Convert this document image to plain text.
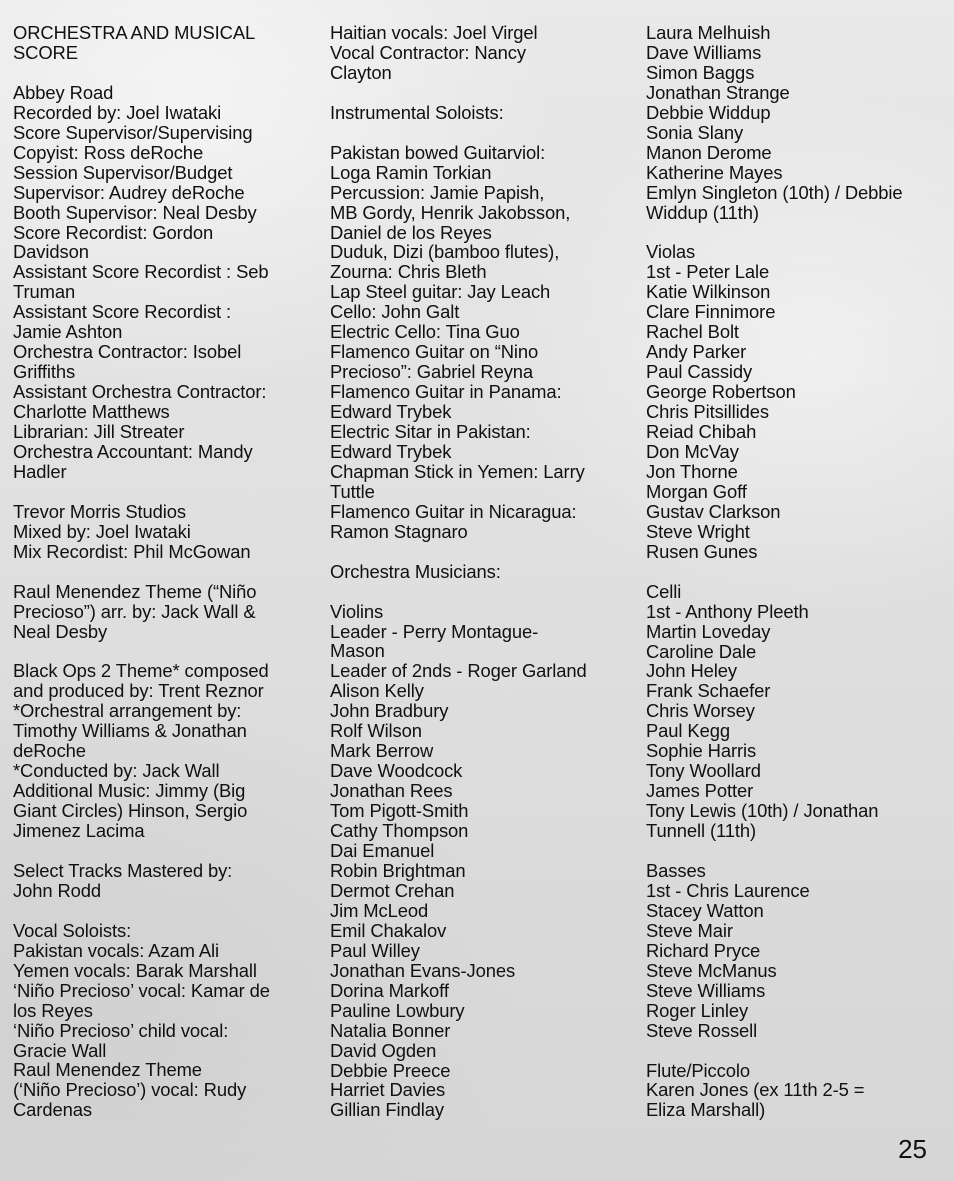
ORCHESTRA AND MUSICAL
SCORE
Abbey Road
Recorded by: Joel Iwataki
Score Supervisor/Supervising
Copyist: Ross deRoche
Session Supervisor/Budget
Supervisor: Audrey deRoche
Booth Supervisor: Neal Desby
Score Recordist: Gordon
Davidson
Assistant Score Recordist : Seb
Truman
Assistant Score Recordist :
Jamie Ashton
Orchestra Contractor: Isobel
Griffiths
Assistant Orchestra Contractor:
Charlotte Matthews
Librarian: Jill Streater
Orchestra Accountant: Mandy
Hadler
Trevor Morris Studios
Mixed by: Joel Iwataki
Mix Recordist: Phil McGowan
Raul Menendez Theme (“Niño
Precioso”) arr. by: Jack Wall &
Neal Desby
Black Ops 2 Theme* composed
and produced by: Trent Reznor
*Orchestral arrangement by:
Timothy Williams & Jonathan
deRoche
*Conducted by: Jack Wall
Additional Music: Jimmy (Big
Giant Circles) Hinson, Sergio
Jimenez Lacima
Select Tracks Mastered by:
John Rodd
Vocal Soloists:
Pakistan vocals: Azam Ali
Yemen vocals: Barak Marshall
‘Niño Precioso’ vocal: Kamar de
los Reyes
‘Niño Precioso’ child vocal:
Gracie Wall
Raul Menendez Theme
(‘Niño Precioso’) vocal: Rudy
Cardenas
Haitian vocals: Joel Virgel
Vocal Contractor: Nancy
Clayton
Instrumental Soloists:
Pakistan bowed Guitarviol:
Loga Ramin Torkian
Percussion: Jamie Papish,
MB Gordy, Henrik Jakobsson,
Daniel de los Reyes
Duduk, Dizi (bamboo flutes),
Zourna: Chris Bleth
Lap Steel guitar: Jay Leach
Cello: John Galt
Electric Cello: Tina Guo
Flamenco Guitar on “Nino
Precioso”: Gabriel Reyna
Flamenco Guitar in Panama:
Edward Trybek
Electric Sitar in Pakistan:
Edward Trybek
Chapman Stick in Yemen: Larry
Tuttle
Flamenco Guitar in Nicaragua:
Ramon Stagnaro
Orchestra Musicians:
Violins
Leader - Perry Montague-
Mason
Leader of 2nds - Roger Garland
Alison Kelly
John Bradbury
Rolf Wilson
Mark Berrow
Dave Woodcock
Jonathan Rees
Tom Pigott-Smith
Cathy Thompson
Dai Emanuel
Robin Brightman
Dermot Crehan
Jim McLeod
Emil Chakalov
Paul Willey
Jonathan Evans-Jones
Dorina Markoff
Pauline Lowbury
Natalia Bonner
David Ogden
Debbie Preece
Harriet Davies
Gillian Findlay
Laura Melhuish
Dave Williams
Simon Baggs
Jonathan Strange
Debbie Widdup
Sonia Slany
Manon Derome
Katherine Mayes
Emlyn Singleton (10th) / Debbie
Widdup (11th)
Violas
1st - Peter Lale
Katie Wilkinson
Clare Finnimore
Rachel Bolt
Andy Parker
Paul Cassidy
George Robertson
Chris Pitsillides
Reiad Chibah
Don McVay
Jon Thorne
Morgan Goff
Gustav Clarkson
Steve Wright
Rusen Gunes
Celli
1st - Anthony Pleeth
Martin Loveday
Caroline Dale
John Heley
Frank Schaefer
Chris Worsey
Paul Kegg
Sophie Harris
Tony Woollard
James Potter
Tony Lewis (10th) / Jonathan
Tunnell (11th)
Basses
1st - Chris Laurence
Stacey Watton
Steve Mair
Richard Pryce
Steve McManus
Steve Williams
Roger Linley
Steve Rossell
Flute/Piccolo
Karen Jones (ex 11th 2-5 =
Eliza Marshall)
25
